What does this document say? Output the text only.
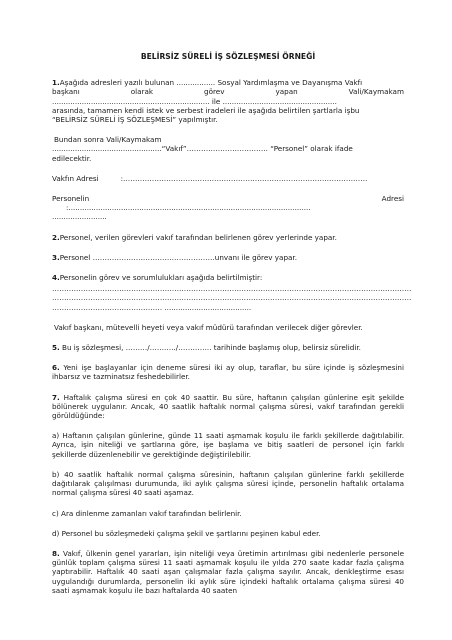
BELİRSİZ SÜRELİ İŞ SÖZLEŞMESİ ÖRNEĞİ

1.Aşağıda adresleri yazılı bulunan ................. Sosyal Yardımlaşma ve Dayanışma Vakfı

başkanı	olarak	görev	yapan	Vali/Kaymakam

..................................................................... ile ..................................................

arasında, tamamen kendi istek ve serbest iradeleri ile aşağıda belirtilen şartlarla işbu

“BELİRSİZ SÜRELİ İŞ SÖZLEŞMESİ” yapılmıştır.

Bundan sonra Vali/Kaymakam

................................................“Vakıf”……………………………. “Personel” olarak ifade

edilecektir.

Vakfın Adresi	:…………………………………………………………………………………………

Personelin	Adresi

:..........................................................................................................

........................

2.Personel, verilen görevleri vakıf tarafından belirlenen görev yerlerinde yapar.

3.Personel ……………………………………………unvanı ile görev yapar.

4.Personelin görev ve sorumlulukları aşağıda belirtilmiştir:

……………………………………………………………………………………………………………………………………

……………………………………………………………………………………………………………………………………

………………………………………. ......................................

Vakıf başkanı, mütevelli heyeti veya vakıf müdürü tarafından verilecek diğer görevler.

5. Bu iş sözleşmesi, ………/………../………….. tarihinde başlamış olup, belirsiz süreli​dir.

6. Yeni işe başlayanlar için deneme süresi iki ay olup, taraflar, bu süre içinde iş sözleşmesini ihbarsız ve tazminatsız feshedebilirler.

7. Haftalık çalışma süresi en çok 40 saattir. Bu süre, haftanın çalışılan günlerine eşit şekilde bölünerek uygulanır. Ancak, 40 saatlik haftalık normal çalışma süresi, vakıf tarafından gerekli görüldüğünde:

a) Haftanın çalışılan günlerine, günde 11 saati aşmamak koşulu ile farklı şekillerde dağıtılabilir. Ayrıca, işin niteliği ve şartlarına göre, işe başlama ve bitiş saatleri de personel için farklı şekillerde düzenlenebilir ve gerektiğinde değiştirilebilir.

b) 40 saatlik haftalık normal çalışma süresinin, haftanın çalışılan günlerine farklı şekillerde dağıtılarak çalışılması durumunda, iki aylık çalışma süresi içinde, personelin haftalık ortalama normal çalışma süresi 40 saati aşamaz.

c) Ara dinlenme zamanları vakıf tarafından belirlenir.

d) Personel bu sözleşmedeki çalışma şekil ve şartlarını peşinen kabul eder.

8. Vakıf, ülkenin genel yararları, işin niteliği veya üretimin artırılması gibi nedenlerle personele günlük toplam çalışma süresi 11 saati aşmamak koşulu ile yılda 270 saate kadar fazla çalışma yaptırabilir. Haftalık 40 saati aşan çalışmalar fazla çalışma sayılır. Ancak, denkleştirme esası uygulandığı durumlarda, personelin iki aylık süre içindeki haftalık ortalama çalışma süresi 40 saati aşmamak koşulu ile bazı haftalarda 40 saaten
